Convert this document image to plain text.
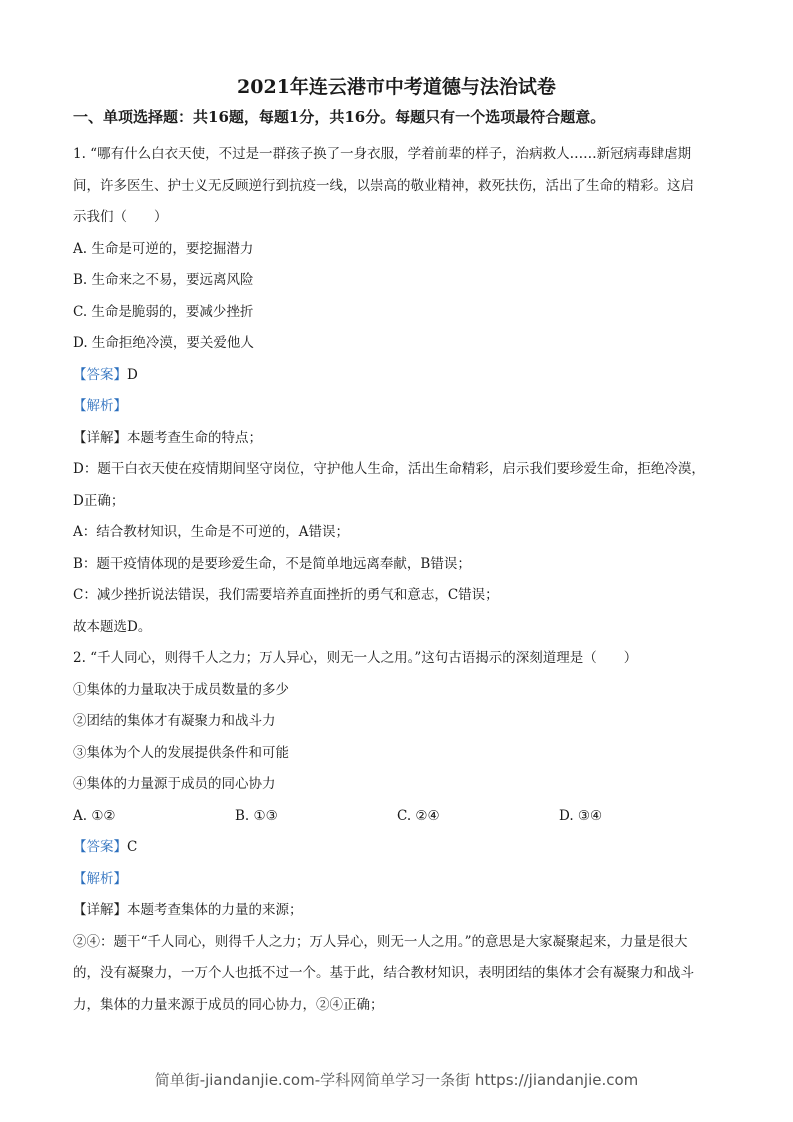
2021年连云港市中考道德与法治试卷
一、单项选择题：共16题，每题1分，共16分。每题只有一个选项最符合题意。
1. “哪有什么白衣天使，不过是一群孩子换了一身衣服，学着前辈的样子，治病救人……新冠病毒肆虐期
间，许多医生、护士义无反顾逆行到抗疫一线，以崇高的敬业精神，救死扶伤，活出了生命的精彩。这启
示我们（　　）
A. 生命是可逆的，要挖掘潜力
B. 生命来之不易，要远离风险
C. 生命是脆弱的，要减少挫折
D. 生命拒绝冷漠，要关爱他人
【答案】D
【解析】
【详解】本题考查生命的特点；
D：题干白衣天使在疫情期间坚守岗位，守护他人生命，活出生命精彩，启示我们要珍爱生命，拒绝冷漠，
D正确；
A：结合教材知识，生命是不可逆的，A错误；
B：题干疫情体现的是要珍爱生命，不是简单地远离奉献，B错误；
C：减少挫折说法错误，我们需要培养直面挫折的勇气和意志，C错误；
故本题选D。
2. “千人同心，则得千人之力；万人异心，则无一人之用。”这句古语揭示的深刻道理是（　　）
①集体的力量取决于成员数量的多少
②团结的集体才有凝聚力和战斗力
③集体为个人的发展提供条件和可能
④集体的力量源于成员的同心协力
A. ①②	B. ①③	C. ②④	D. ③④
【答案】C
【解析】
【详解】本题考查集体的力量的来源；
②④：题干“千人同心，则得千人之力；万人异心，则无一人之用。”的意思是大家凝聚起来，力量是很大
的，没有凝聚力，一万个人也抵不过一个。基于此，结合教材知识，表明团结的集体才会有凝聚力和战斗
力，集体的力量来源于成员的同心协力，②④正确；
简单街-jiandanjie.com-学科网简单学习一条街 https://jiandanjie.com
